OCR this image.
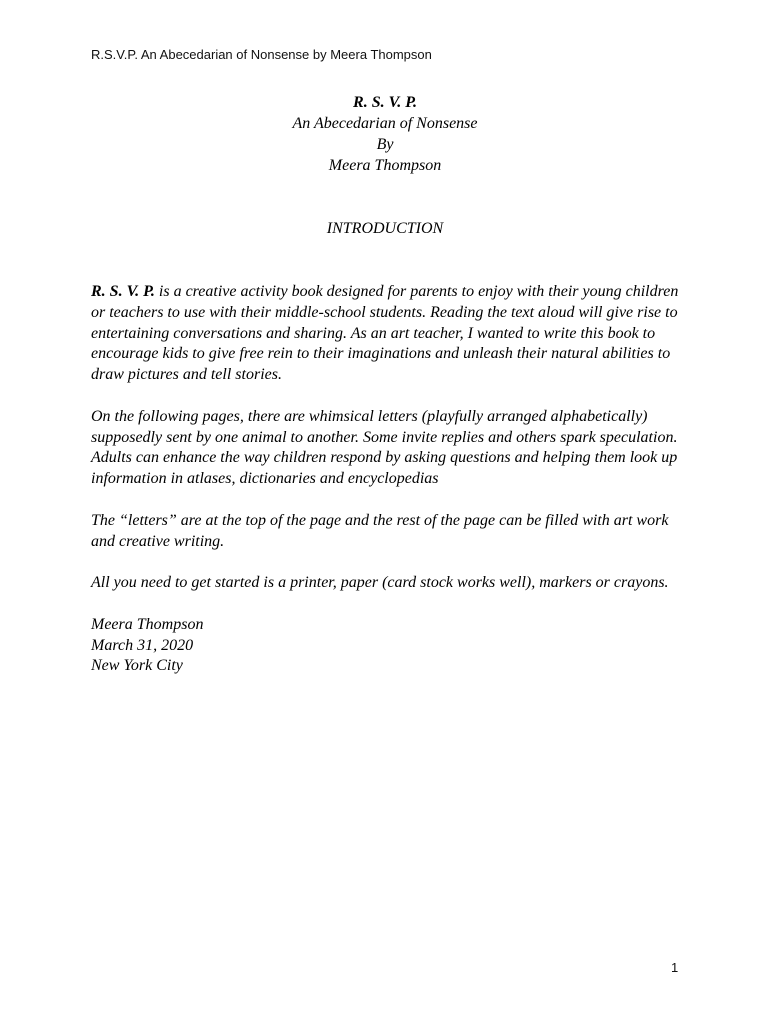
R.S.V.P. An Abecedarian of Nonsense by Meera Thompson
R. S. V. P.
An Abecedarian of Nonsense
By
Meera Thompson
INTRODUCTION

R. S. V. P. is a creative activity book designed for parents to enjoy with their young children or teachers to use with their middle-school students. Reading the text aloud will give rise to entertaining conversations and sharing. As an art teacher, I wanted to write this book to encourage kids to give free rein to their imaginations and unleash their natural abilities to draw pictures and tell stories.

On the following pages, there are whimsical letters (playfully arranged alphabetically) supposedly sent by one animal to another. Some invite replies and others spark speculation. Adults can enhance the way children respond by asking questions and helping them look up information in atlases, dictionaries and encyclopedias

The “letters” are at the top of the page and the rest of the page can be filled with art work and creative writing.

All you need to get started is a printer, paper (card stock works well), markers or crayons.

Meera Thompson
March 31, 2020
New York City
1
